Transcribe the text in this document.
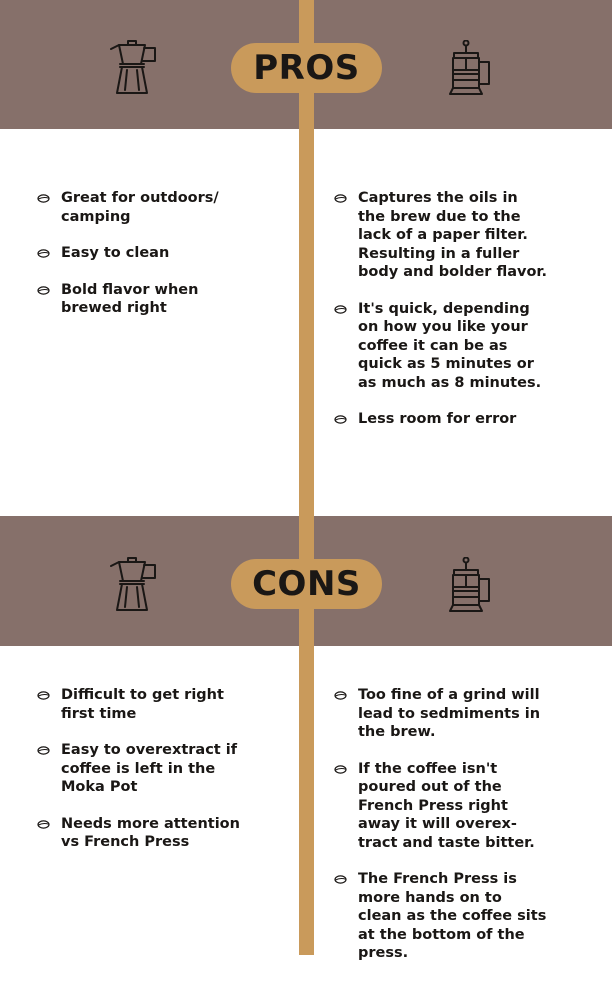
PROS
CONS
Great for outdoors/ camping
Easy to clean
Bold flavor when brewed right
Captures the oils in the brew due to the lack of a paper filter. Resulting in a fuller body and bolder flavor.
It's quick, depending on how you like your coffee it can be as quick as 5 minutes or as much as 8 minutes.
Less room for error
Difficult to get right first time
Easy to overextract if coffee is left in the Moka Pot
Needs more attention vs French Press
Too fine of a grind will lead to sedmiments in the brew.
If the coffee isn't poured out of the French Press right away it will overex-tract and taste bitter.
The French Press is more hands on to clean as the coffee sits at the bottom of the press.
